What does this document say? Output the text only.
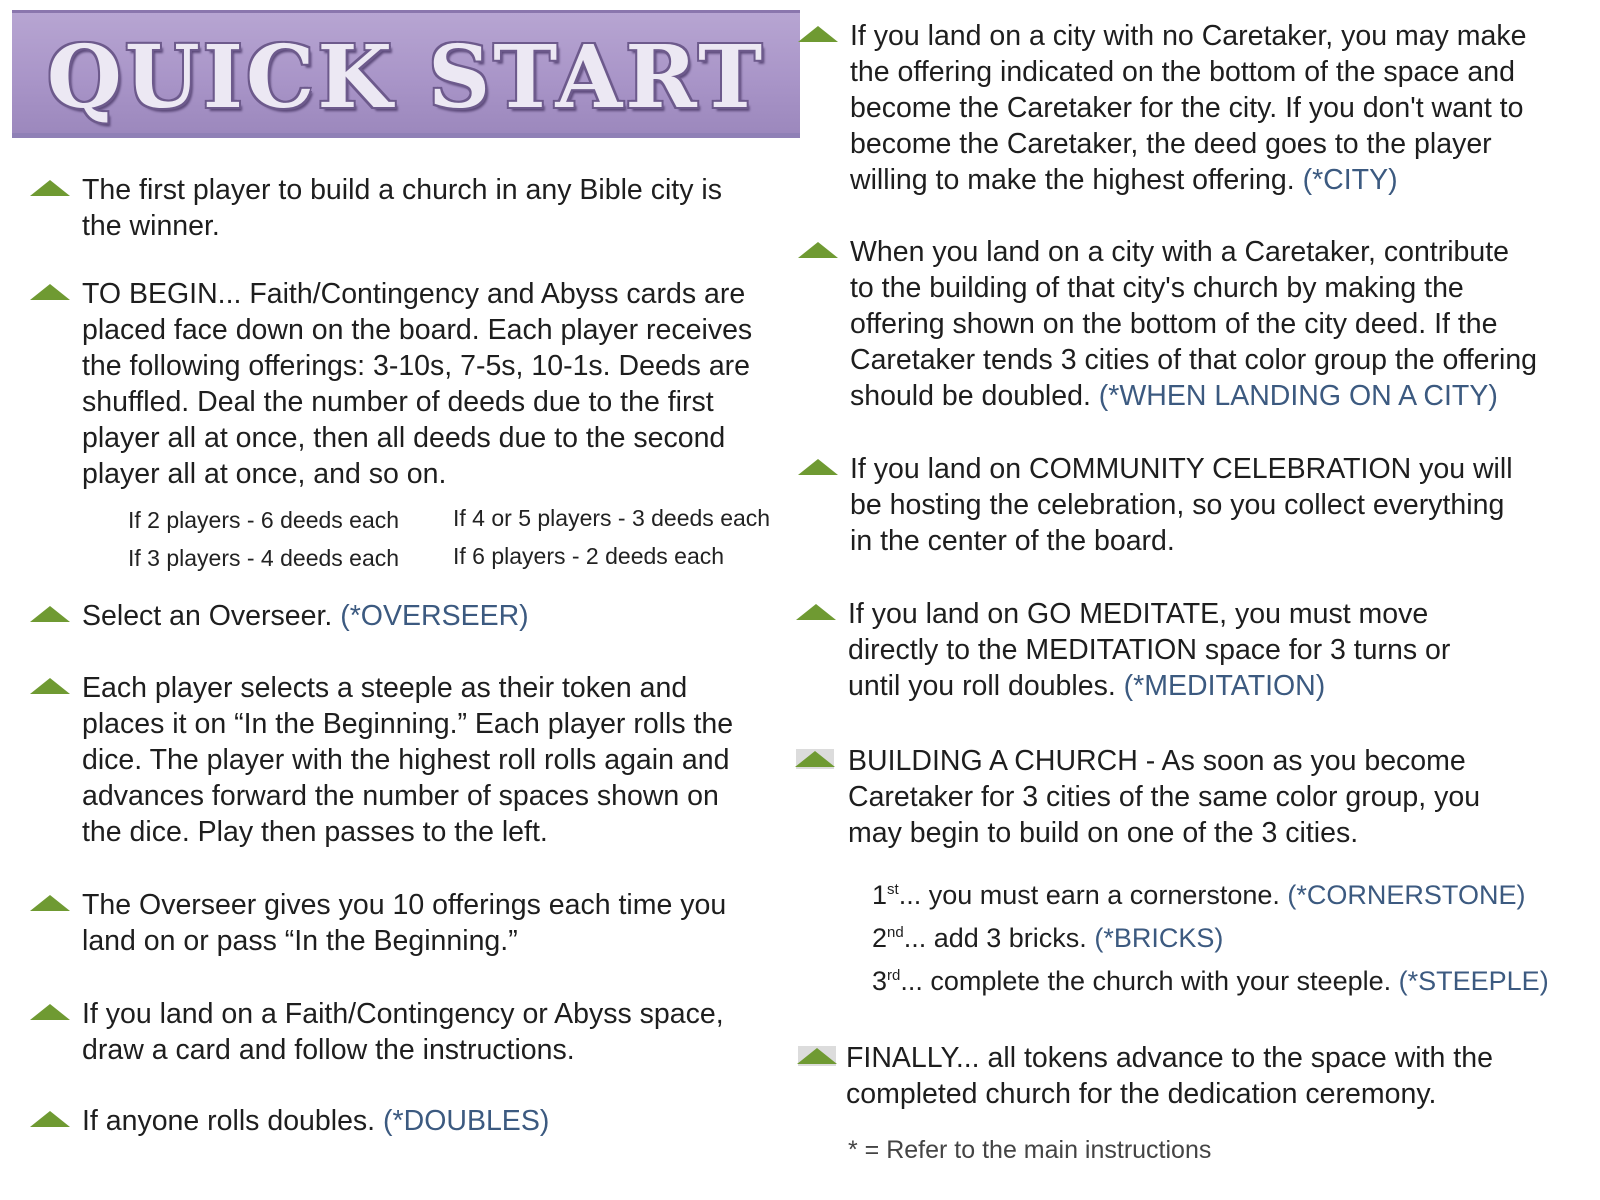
QUICK START
The first player to build a church in any Bible city is the winner.
TO BEGIN... Faith/Contingency and Abyss cards are placed face down on the board. Each player receives the following offerings: 3-10s, 7-5s, 10-1s. Deeds are shuffled. Deal the number of deeds due to the first player all at once, then all deeds due to the second player all at once, and so on.
If 2 players - 6 deeds each If 4 or 5 players - 3 deeds each
If 3 players - 4 deeds each If 6 players - 2 deeds each
Select an Overseer. (*OVERSEER)
Each player selects a steeple as their token and places it on “In the Beginning.” Each player rolls the dice. The player with the highest roll rolls again and advances forward the number of spaces shown on the dice. Play then passes to the left.
The Overseer gives you 10 offerings each time you land on or pass “In the Beginning.”
If you land on a Faith/Contingency or Abyss space, draw a card and follow the instructions.
If anyone rolls doubles. (*DOUBLES)
If you land on a city with no Caretaker, you may make the offering indicated on the bottom of the space and become the Caretaker for the city. If you don't want to become the Caretaker, the deed goes to the player willing to make the highest offering. (*CITY)
When you land on a city with a Caretaker, contribute to the building of that city's church by making the offering shown on the bottom of the city deed. If the Caretaker tends 3 cities of that color group the offering should be doubled. (*WHEN LANDING ON A CITY)
If you land on COMMUNITY CELEBRATION you will be hosting the celebration, so you collect everything in the center of the board.
If you land on GO MEDITATE, you must move directly to the MEDITATION space for 3 turns or until you roll doubles. (*MEDITATION)
BUILDING A CHURCH - As soon as you become Caretaker for 3 cities of the same color group, you may begin to build on one of the 3 cities.
1st... you must earn a cornerstone. (*CORNERSTONE)
2nd... add 3 bricks. (*BRICKS)
3rd... complete the church with your steeple. (*STEEPLE)
FINALLY... all tokens advance to the space with the completed church for the dedication ceremony.
* = Refer to the main instructions
